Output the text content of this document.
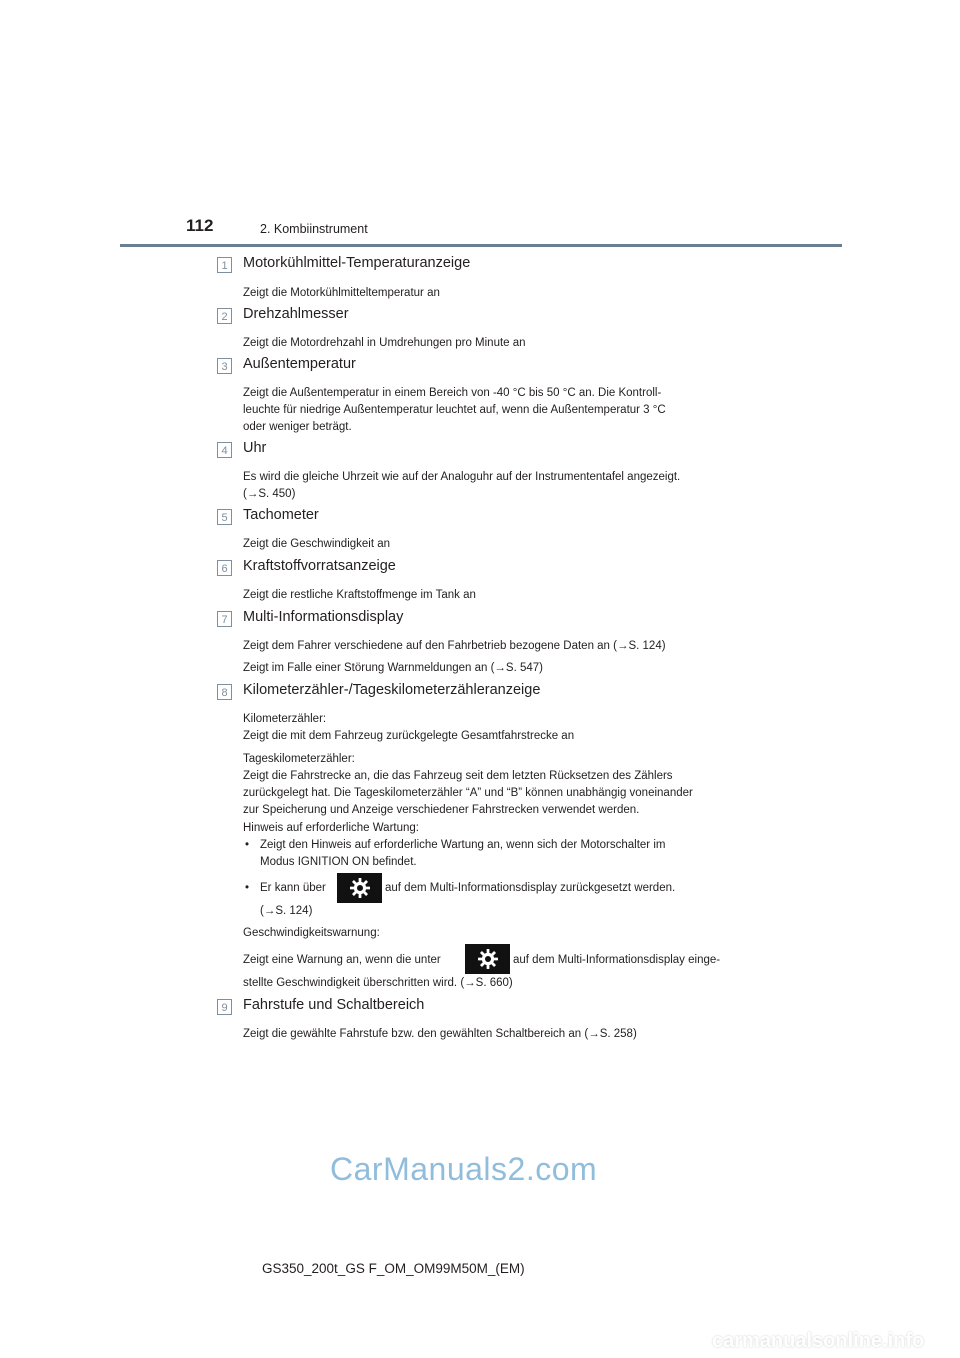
112	2. Kombiinstrument
1	Motorkühlmittel-Temperaturanzeige
Zeigt die Motorkühlmitteltemperatur an
2	Drehzahlmesser
Zeigt die Motordrehzahl in Umdrehungen pro Minute an
3	Außentemperatur
Zeigt die Außentemperatur in einem Bereich von -40 °C bis 50 °C an. Die Kontroll-
leuchte für niedrige Außentemperatur leuchtet auf, wenn die Außentemperatur 3 °C
oder weniger beträgt.
4	Uhr
Es wird die gleiche Uhrzeit wie auf der Analoguhr auf der Instrumententafel angezeigt.
(→S. 450)
5	Tachometer
Zeigt die Geschwindigkeit an
6	Kraftstoffvorratsanzeige
Zeigt die restliche Kraftstoffmenge im Tank an
7	Multi-Informationsdisplay
Zeigt dem Fahrer verschiedene auf den Fahrbetrieb bezogene Daten an (→S. 124)
Zeigt im Falle einer Störung Warnmeldungen an (→S. 547)
8	Kilometerzähler-/Tageskilometerzähleranzeige
Kilometerzähler:
Zeigt die mit dem Fahrzeug zurückgelegte Gesamtfahrstrecke an
Tageskilometerzähler:
Zeigt die Fahrstrecke an, die das Fahrzeug seit dem letzten Rücksetzen des Zählers
zurückgelegt hat. Die Tageskilometerzähler “A” und “B” können unabhängig voneinander
zur Speicherung und Anzeige verschiedener Fahrstrecken verwendet werden.
Hinweis auf erforderliche Wartung:
• Zeigt den Hinweis auf erforderliche Wartung an, wenn sich der Motorschalter im
Modus IGNITION ON befindet.
• Er kann über	auf dem Multi-Informationsdisplay zurückgesetzt werden.
(→S. 124)
Geschwindigkeitswarnung:
Zeigt eine Warnung an, wenn die unter	auf dem Multi-Informationsdisplay einge-
stellte Geschwindigkeit überschritten wird. (→S. 660)
9	Fahrstufe und Schaltbereich
Zeigt die gewählte Fahrstufe bzw. den gewählten Schaltbereich an (→S. 258)
CarManuals2.com
GS350_200t_GS F_OM_OM99M50M_(EM)
carmanualsonline.info
